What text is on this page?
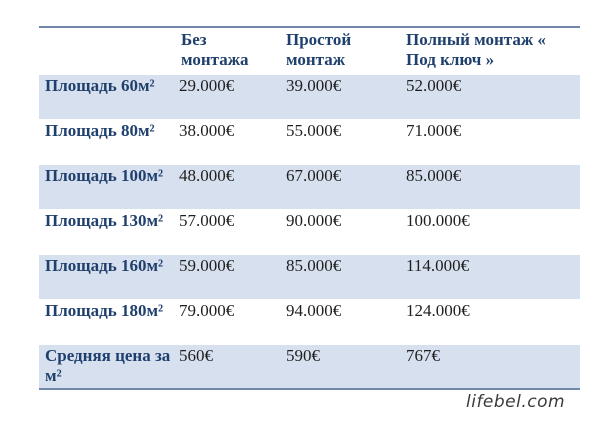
	Без монтажа	Простой монтаж	Полный монтаж « Под ключ »
Площадь 60м²	29.000€	39.000€	52.000€
Площадь 80м²	38.000€	55.000€	71.000€
Площадь 100м²	48.000€	67.000€	85.000€
Площадь 130м²	57.000€	90.000€	100.000€
Площадь 160м²	59.000€	85.000€	114.000€
Площадь 180м²	79.000€	94.000€	124.000€
Средняя цена за м²	560€	590€	767€
lifebel.com
